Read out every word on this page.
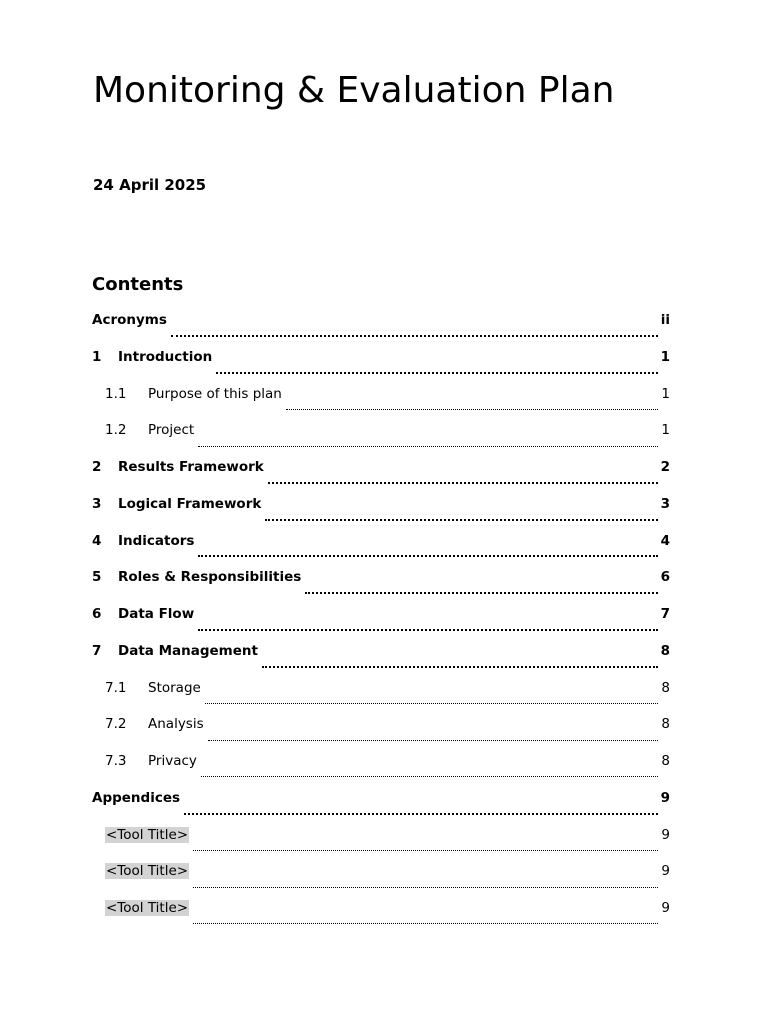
Monitoring & Evaluation Plan
24 April 2025
Contents
Acronyms	ii
1	Introduction	1
1.1	Purpose of this plan	1
1.2	Project	1
2	Results Framework	2
3	Logical Framework	3
4	Indicators	4
5	Roles & Responsibilities	6
6	Data Flow	7
7	Data Management	8
7.1	Storage	8
7.2	Analysis	8
7.3	Privacy	8
Appendices	9
<Tool Title>	9
<Tool Title>	9
<Tool Title>	9
